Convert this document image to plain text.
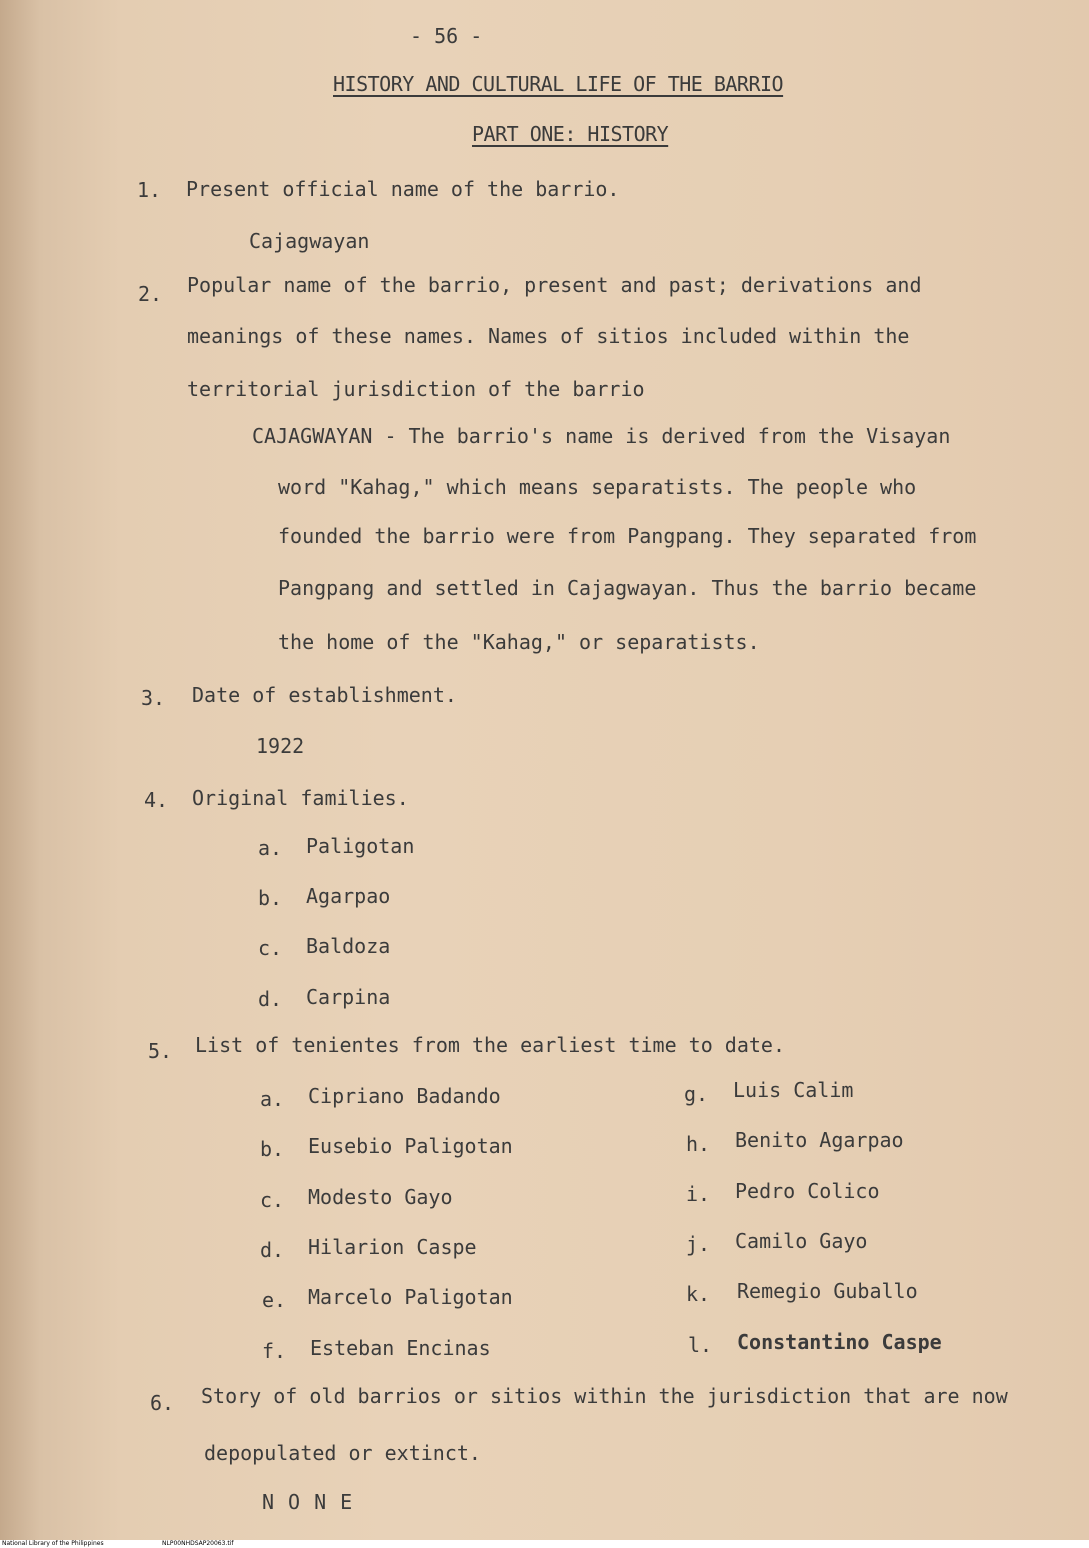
- 56 -
HISTORY AND CULTURAL LIFE OF THE BARRIO
PART ONE: HISTORY
1. Present official name of the barrio.
Cajagwayan
2. Popular name of the barrio, present and past; derivations and
meanings of these names. Names of sitios included within the
territorial jurisdiction of the barrio
CAJAGWAYAN - The barrio's name is derived from the Visayan
word "Kahag," which means separatists. The people who
founded the barrio were from Pangpang. They separated from
Pangpang and settled in Cajagwayan. Thus the barrio became
the home of the "Kahag," or separatists.
3. Date of establishment.
1922
4. Original families.
a. Paligotan
b. Agarpao
c. Baldoza
d. Carpina
5. List of tenientes from the earliest time to date.
a. Cipriano Badando
b. Eusebio Paligotan
c. Modesto Gayo
d. Hilarion Caspe
e. Marcelo Paligotan
f. Esteban Encinas
g. Luis Calim
h. Benito Agarpao
i. Pedro Colico
j. Camilo Gayo
k. Remegio Guballo
l. Constantino Caspe
6. Story of old barrios or sitios within the jurisdiction that are now
depopulated or extinct.
NONE
National Library of the Philippines	NLP00NHDSAP20063.tif
